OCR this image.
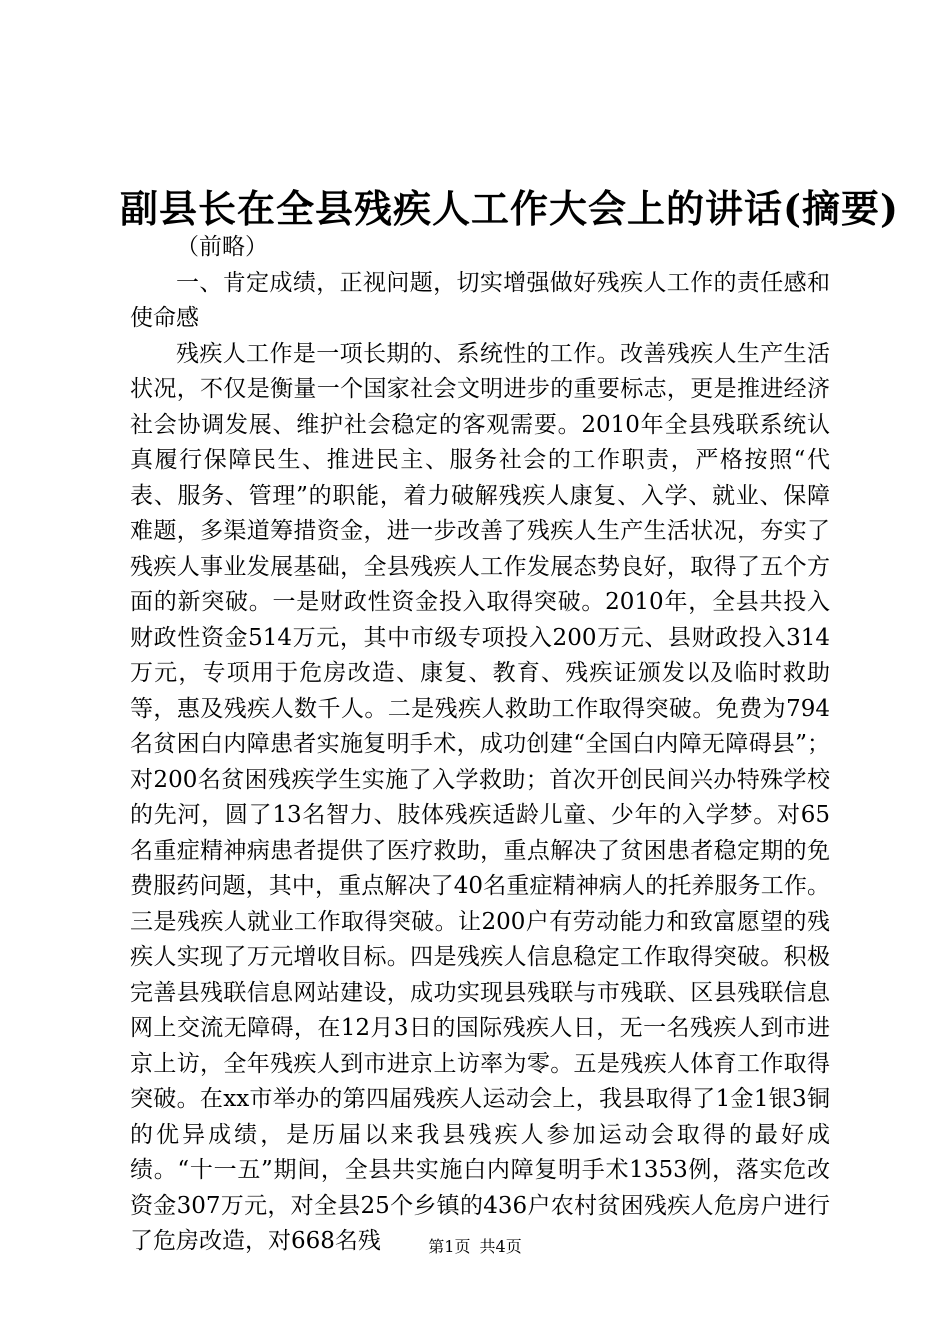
副县长在全县残疾人工作大会上的讲话(摘要)

（前略）

一、肯定成绩，正视问题，切实增强做好残疾人工作的责任感和使命感

残疾人工作是一项长期的、系统性的工作。改善残疾人生产生活状况，不仅是衡量一个国家社会文明进步的重要标志，更是推进经济社会协调发展、维护社会稳定的客观需要。2010年全县残联系统认真履行保障民生、推进民主、服务社会的工作职责，严格按照“代表、服务、管理”的职能，着力破解残疾人康复、入学、就业、保障难题，多渠道筹措资金，进一步改善了残疾人生产生活状况，夯实了残疾人事业发展基础，全县残疾人工作发展态势良好，取得了五个方面的新突破。一是财政性资金投入取得突破。2010年，全县共投入财政性资金514万元，其中市级专项投入200万元、县财政投入314万元，专项用于危房改造、康复、教育、残疾证颁发以及临时救助等，惠及残疾人数千人。二是残疾人救助工作取得突破。免费为794名贫困白内障患者实施复明手术，成功创建“全国白内障无障碍县”；对200名贫困残疾学生实施了入学救助；首次开创民间兴办特殊学校的先河，圆了13名智力、肢体残疾适龄儿童、少年的入学梦。对65名重症精神病患者提供了医疗救助，重点解决了贫困患者稳定期的免费服药问题，其中，重点解决了40名重症精神病人的托养服务工作。三是残疾人就业工作取得突破。让200户有劳动能力和致富愿望的残疾人实现了万元增收目标。四是残疾人信息稳定工作取得突破。积极完善县残联信息网站建设，成功实现县残联与市残联、区县残联信息网上交流无障碍，在12月3日的国际残疾人日，无一名残疾人到市进京上访，全年残疾人到市进京上访率为零。五是残疾人体育工作取得突破。在xx市举办的第四届残疾人运动会上，我县取得了1金1银3铜的优异成绩，是历届以来我县残疾人参加运动会取得的最好成绩。“十一五”期间，全县共实施白内障复明手术1353例，落实危改资金307万元，对全县25个乡镇的436户农村贫困残疾人危房户进行了危房改造，对668名残	第1页 共4页
